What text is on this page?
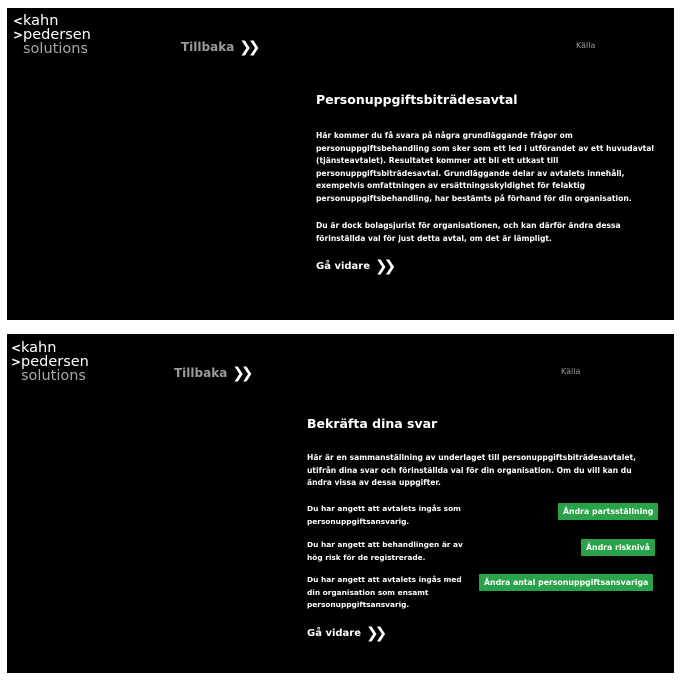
< kahn
> pedersen
solutions	Tillbaka ❯❯	Källa
Personuppgiftsbiträdesavtal
Här kommer du få svara på några grundläggande frågor om personuppgiftsbehandling som sker som ett led i utförandet av ett huvudavtal (tjänsteavtalet). Resultatet kommer att bli ett utkast till personuppgiftsbiträdesavtal. Grundläggande delar av avtalets innehåll, exempelvis omfattningen av ersättningsskyldighet för felaktig personuppgiftsbehandling, har bestämts på förhand för din organisation.
Du är dock bolagsjurist för organisationen, och kan därför ändra dessa förinställda val för just detta avtal, om det är lämpligt.
Gå vidare ❯❯
< kahn
> pedersen
solutions	Tillbaka ❯❯	Källa
Bekräfta dina svar
Här är en sammanställning av underlaget till personuppgiftsbiträdesavtalet, utifrån dina svar och förinställda val för din organisation. Om du vill kan du ändra vissa av dessa uppgifter.
Du har angett att avtalets ingås som personuppgiftsansvarig.
Ändra partsställning
Du har angett att behandlingen är av hög risk för de registrerade.
Ändra risknivå
Du har angett att avtalets ingås med din organisation som ensamt personuppgiftsansvarig.
Ändra antal personuppgiftsansvariga
Gå vidare ❯❯
